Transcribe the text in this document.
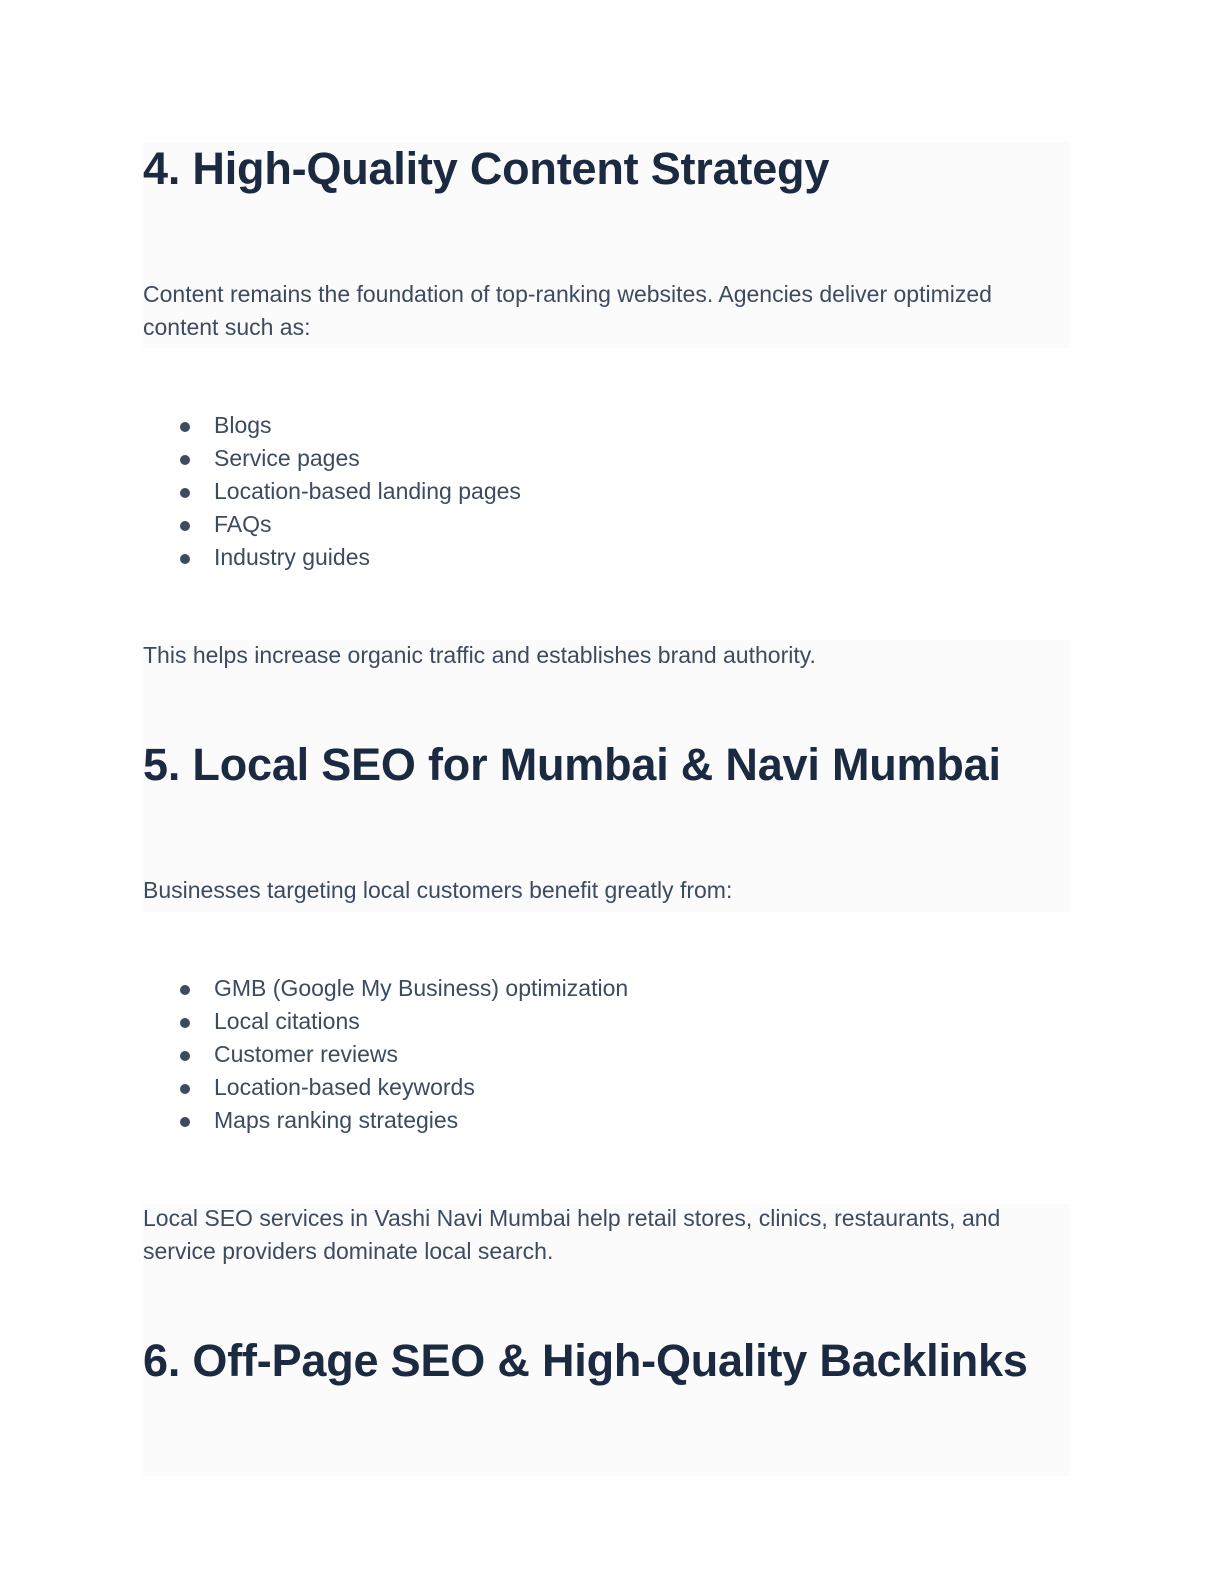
4. High-Quality Content Strategy

Content remains the foundation of top-ranking websites. Agencies deliver optimized content such as:

Blogs
Service pages
Location-based landing pages
FAQs
Industry guides

This helps increase organic traffic and establishes brand authority.

5. Local SEO for Mumbai & Navi Mumbai

Businesses targeting local customers benefit greatly from:

GMB (Google My Business) optimization
Local citations
Customer reviews
Location-based keywords
Maps ranking strategies

Local SEO services in Vashi Navi Mumbai help retail stores, clinics, restaurants, and service providers dominate local search.

6. Off-Page SEO & High-Quality Backlinks
